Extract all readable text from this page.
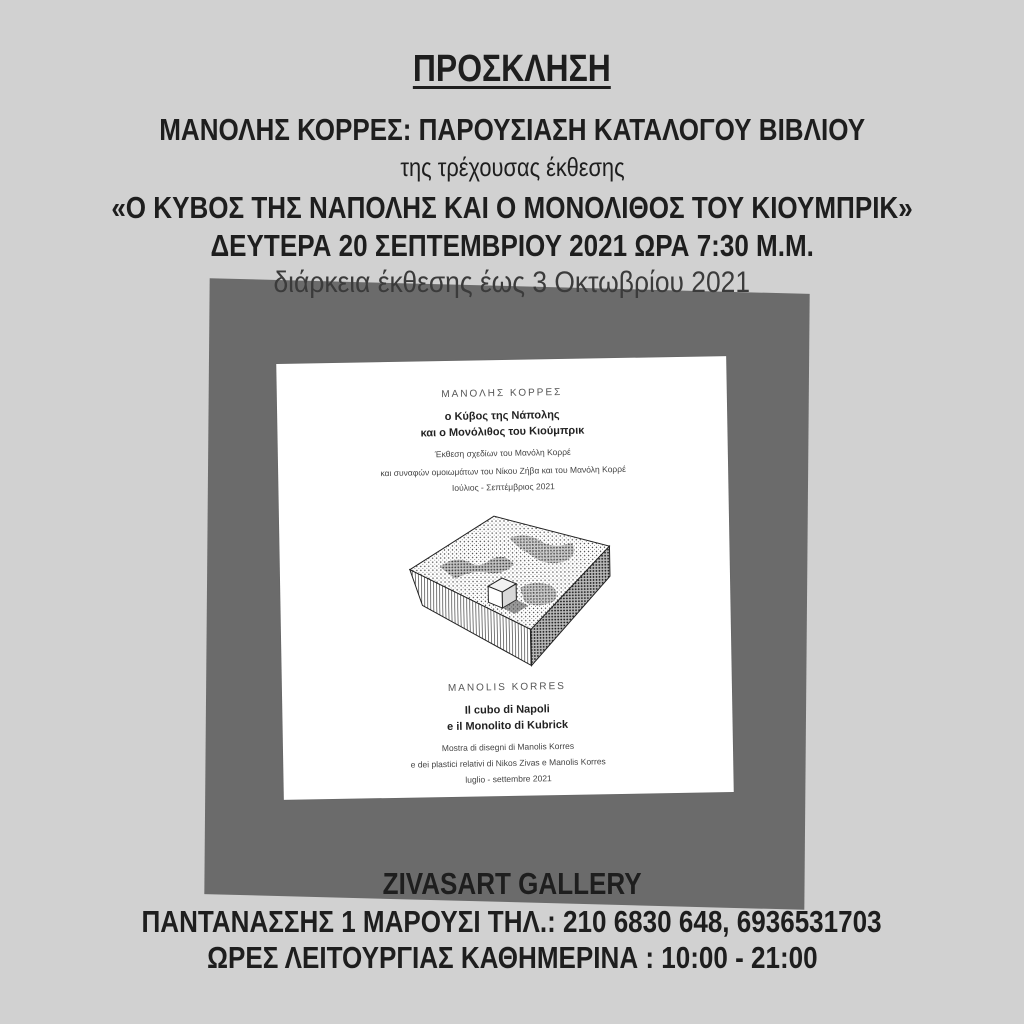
ΠΡΟΣΚΛΗΣΗ
ΜΑΝΟΛΗΣ ΚΟΡΡΕΣ: ΠΑΡΟΥΣΙΑΣΗ ΚΑΤΑΛΟΓΟΥ ΒΙΒΛΙΟΥ
της τρέχουσας έκθεσης
«Ο ΚΥΒΟΣ ΤΗΣ ΝΑΠΟΛΗΣ ΚΑΙ Ο ΜΟΝΟΛΙΘΟΣ ΤΟΥ ΚΙΟΥΜΠΡΙΚ»
ΔΕΥΤΕΡΑ 20 ΣΕΠΤΕΜΒΡΙΟΥ 2021 ΩΡΑ 7:30 Μ.Μ.
διάρκεια έκθεσης έως 3 Οκτωβρίου 2021
ΜΑΝΟΛΗΣ ΚΟΡΡΕΣ
ο Κύβος της Νάπολης
και ο Μονόλιθος του Κιούμπρικ
Έκθεση σχεδίων του Μανόλη Κορρέ
και συναφών ομοιωμάτων του Νίκου Ζήβα και του Μανόλη Κορρέ
Ιούλιος - Σεπτέμβριος 2021
MANOLIS KORRES
Il cubo di Napoli
e il Monolito di Kubrick
Mostra di disegni di Manolis Korres
e dei plastici relativi di Nikos Zivas e Manolis Korres
luglio - settembre 2021
ZIVASART GALLERY
ΠΑΝΤΑΝΑΣΣΗΣ 1 ΜΑΡΟΥΣΙ ΤΗΛ.: 210 6830 648, 6936531703
ΩΡΕΣ ΛΕΙΤΟΥΡΓΙΑΣ ΚΑΘΗΜΕΡΙΝΑ : 10:00 - 21:00
